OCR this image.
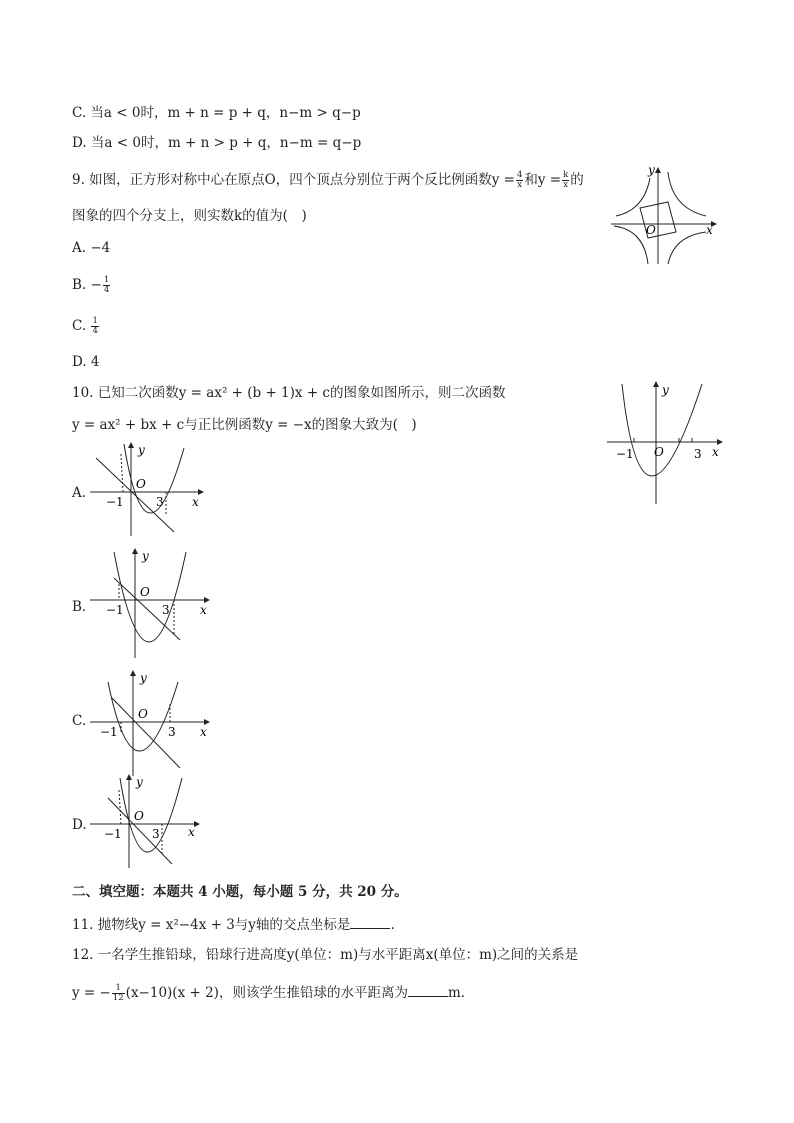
C. 当a < 0时，m + n = p + q，n−m > q−p
D. 当a < 0时，m + n > p + q，n−m = q−p
9. 如图，正方形对称中心在原点O，四个顶点分别位于两个反比例函数$y = \frac{4}{x}$ 和$y = \frac{k}{x}$ 的
图象的四个分支上，则实数k的值为(　)
A. −4
B. − $\frac{1}{4}$
C. $\frac{1}{4}$
D. 4
y
x
O
10. 已知二次函数y = ax² + (b + 1)x + c的图象如图所示，则二次函数
y = ax² + bx + c与正比例函数y = −x的图象大致为(　)
y
x
O
−1	3
A.
y
x
O
−1	3
B.
y
x
O
−1	3
C.
y
x
O
−1	3
D.
y
x
O
−1	3
二、填空题：本题共 4 小题，每小题 5 分，共 20 分。
11. 抛物线y = x²−4x + 3与y轴的交点坐标是	.
12. 一名学生推铅球，铅球行进高度y(单位：m)与水平距离x(单位：m)之间的关系是
y = − $\frac{1}{12} (x-10)(x + 2)$，则该学生推铅球的水平距离为	m.
